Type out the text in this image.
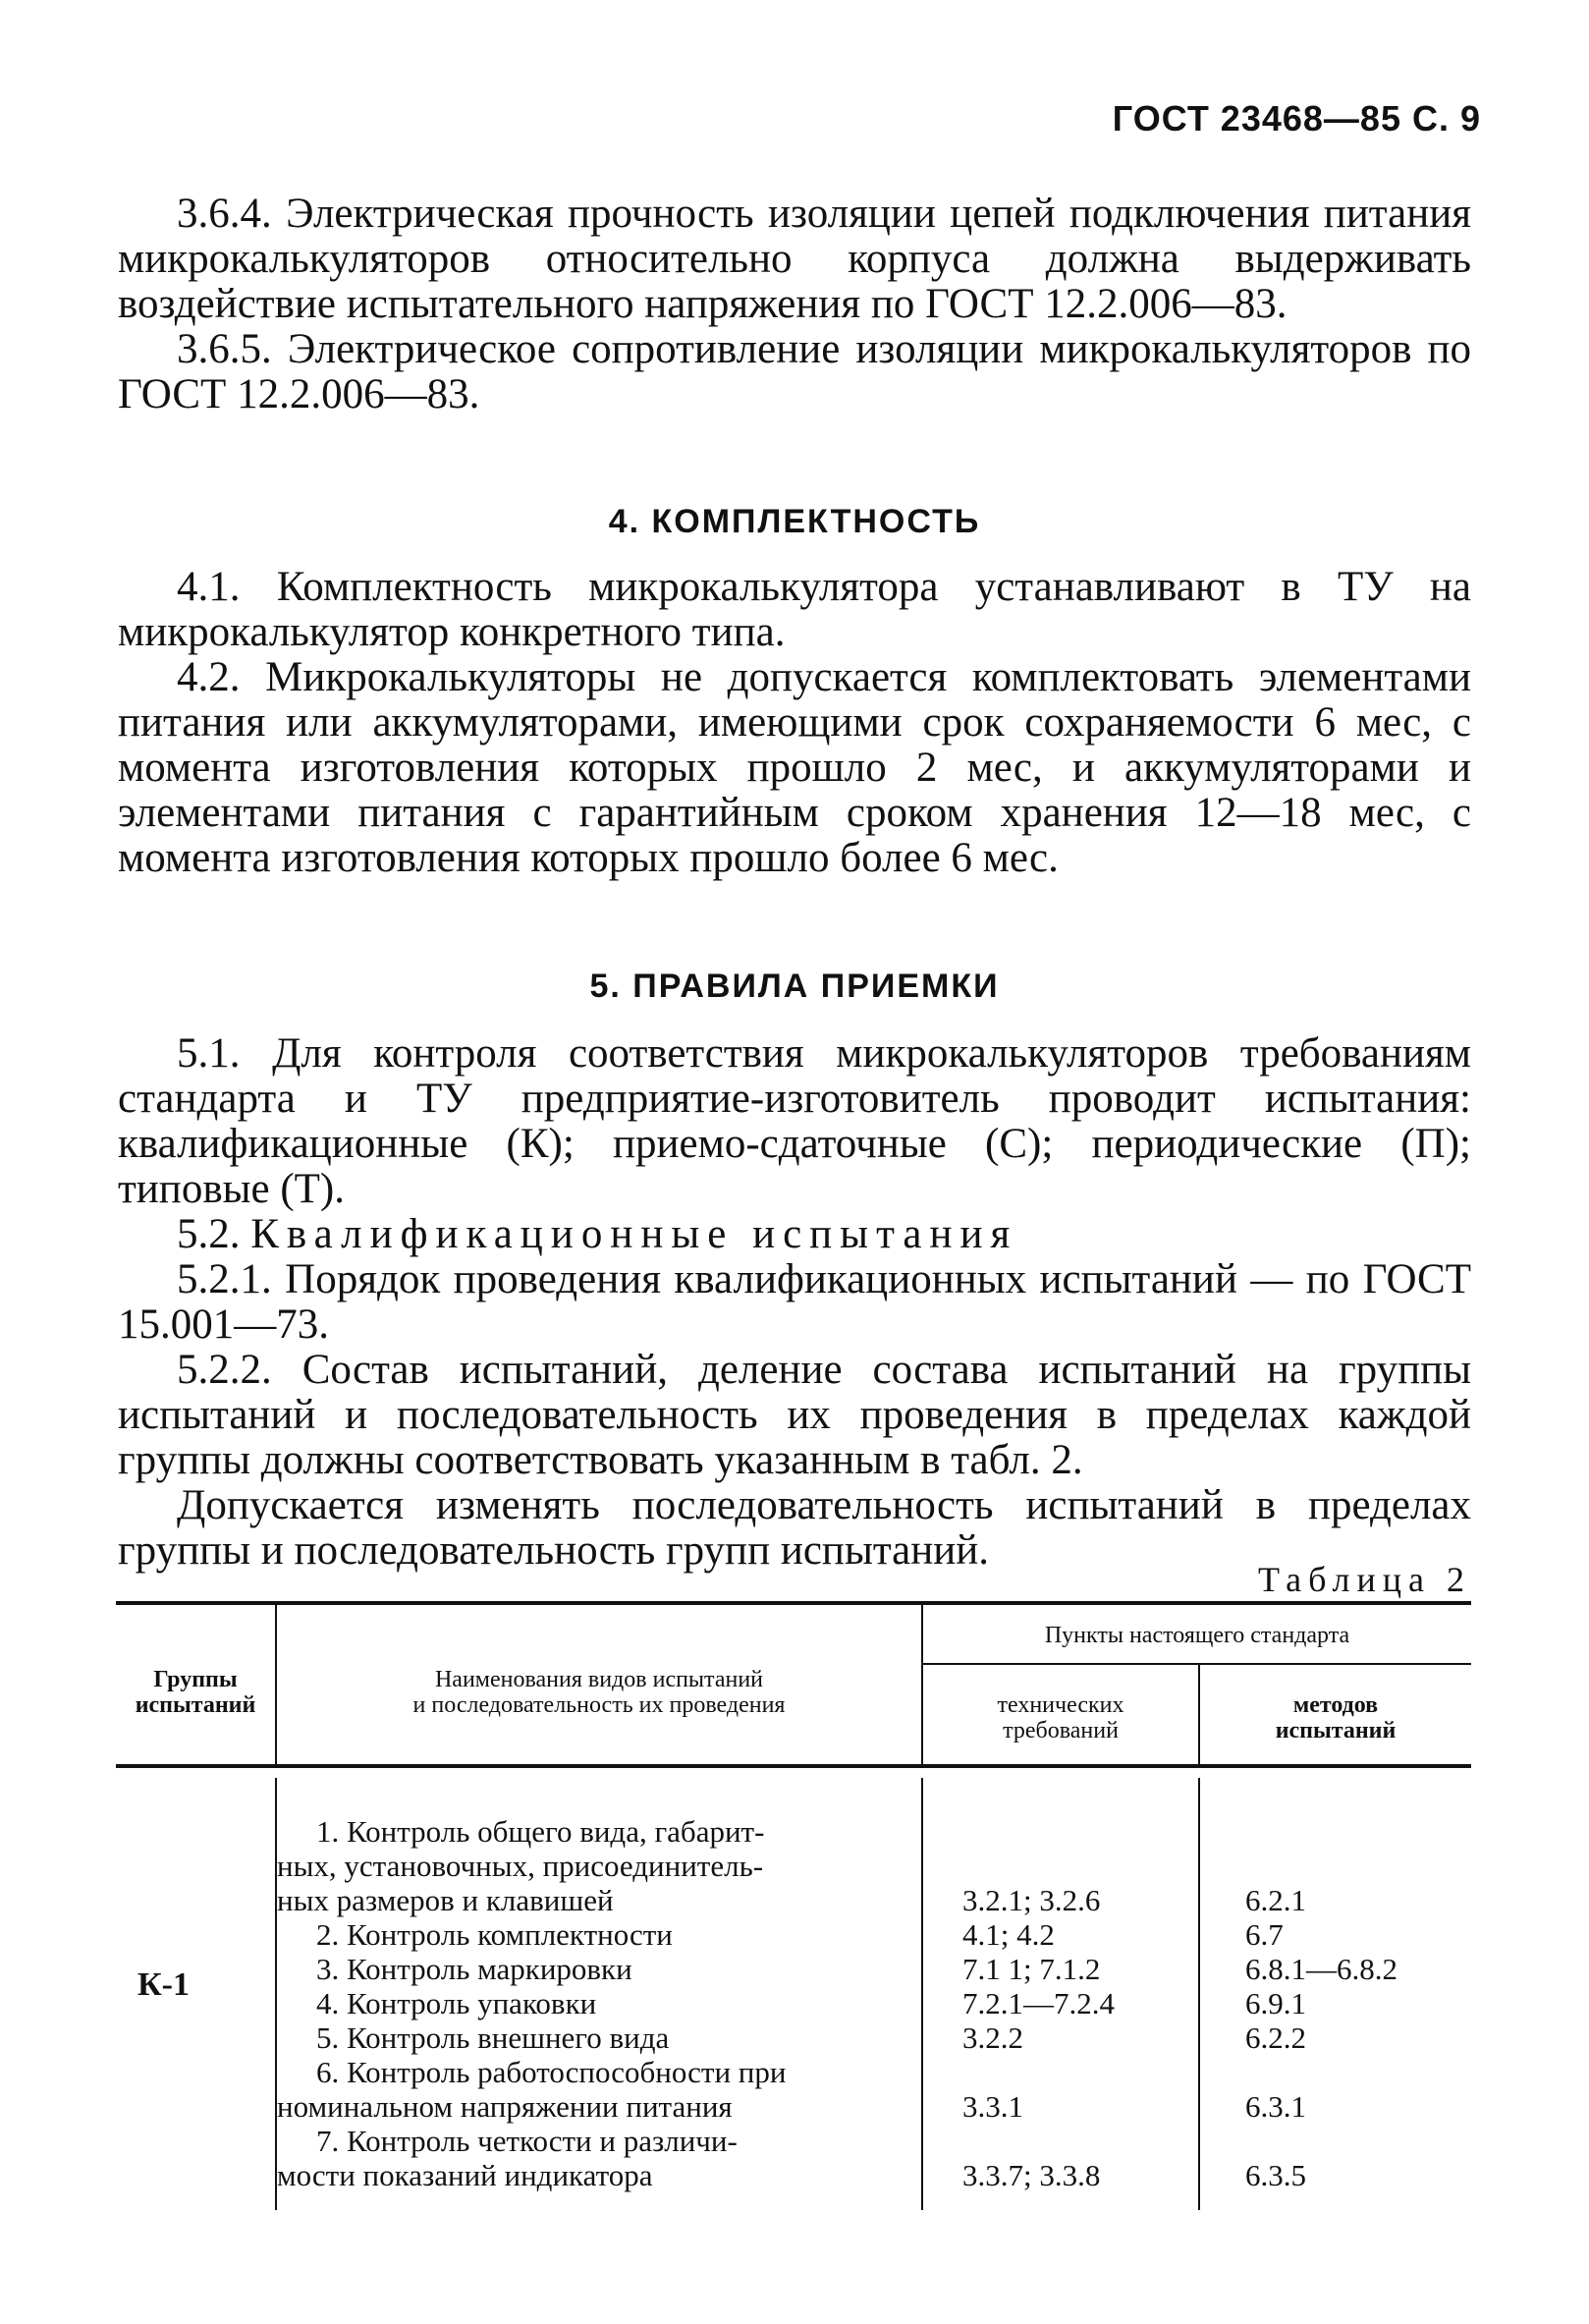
ГОСТ 23468—85 С. 9

3.6.4. Электрическая прочность изоляции цепей подключения питания микрокалькуляторов относительно корпуса должна выдерживать воздействие испытательного напряжения по ГОСТ 12.2.006—83.

3.6.5. Электрическое сопротивление изоляции микрокалькуляторов по ГОСТ 12.2.006—83.

4. КОМПЛЕКТНОСТЬ

4.1. Комплектность микрокалькулятора устанавливают в ТУ на микрокалькулятор конкретного типа.

4.2. Микрокалькуляторы не допускается комплектовать элементами питания или аккумуляторами, имеющими срок сохраняемости 6 мес, с момента изготовления которых прошло 2 мес, и аккумуляторами и элементами питания с гарантийным сроком хранения 12—18 мес, с момента изготовления которых прошло более 6 мес.

5. ПРАВИЛА ПРИЕМКИ

5.1. Для контроля соответствия микрокалькуляторов требованиям стандарта и ТУ предприятие-изготовитель проводит испытания: квалификационные (К); приемо-сдаточные (С); периодические (П); типовые (Т).

5.2. Квалификационные испытания

5.2.1. Порядок проведения квалификационных испытаний — по ГОСТ 15.001—73.

5.2.2. Состав испытаний, деление состава испытаний на группы испытаний и последовательность их проведения в пределах каждой группы должны соответствовать указанным в табл. 2.

Допускается изменять последовательность испытаний в пределах группы и последовательность групп испытаний.

Таблица 2
Группы испытаний
Наименования видов испытаний
и последовательность их проведения
Пункты настоящего стандарта
технических
требований
методов
испытаний
К-1
1. Контроль общего вида, габарит-
ных, установочных, присоединитель-
ных размеров и клавишей
2. Контроль комплектности
3. Контроль маркировки
4. Контроль упаковки
5. Контроль внешнего вида
6. Контроль работоспособности при
номинальном напряжении питания
7. Контроль четкости и различи-
мости показаний индикатора
3.2.1; 3.2.6
4.1; 4.2
7.1 1; 7.1.2
7.2.1—7.2.4
3.2.2
3.3.1
3.3.7; 3.3.8
6.2.1
6.7
6.8.1—6.8.2
6.9.1
6.2.2
6.3.1
6.3.5
